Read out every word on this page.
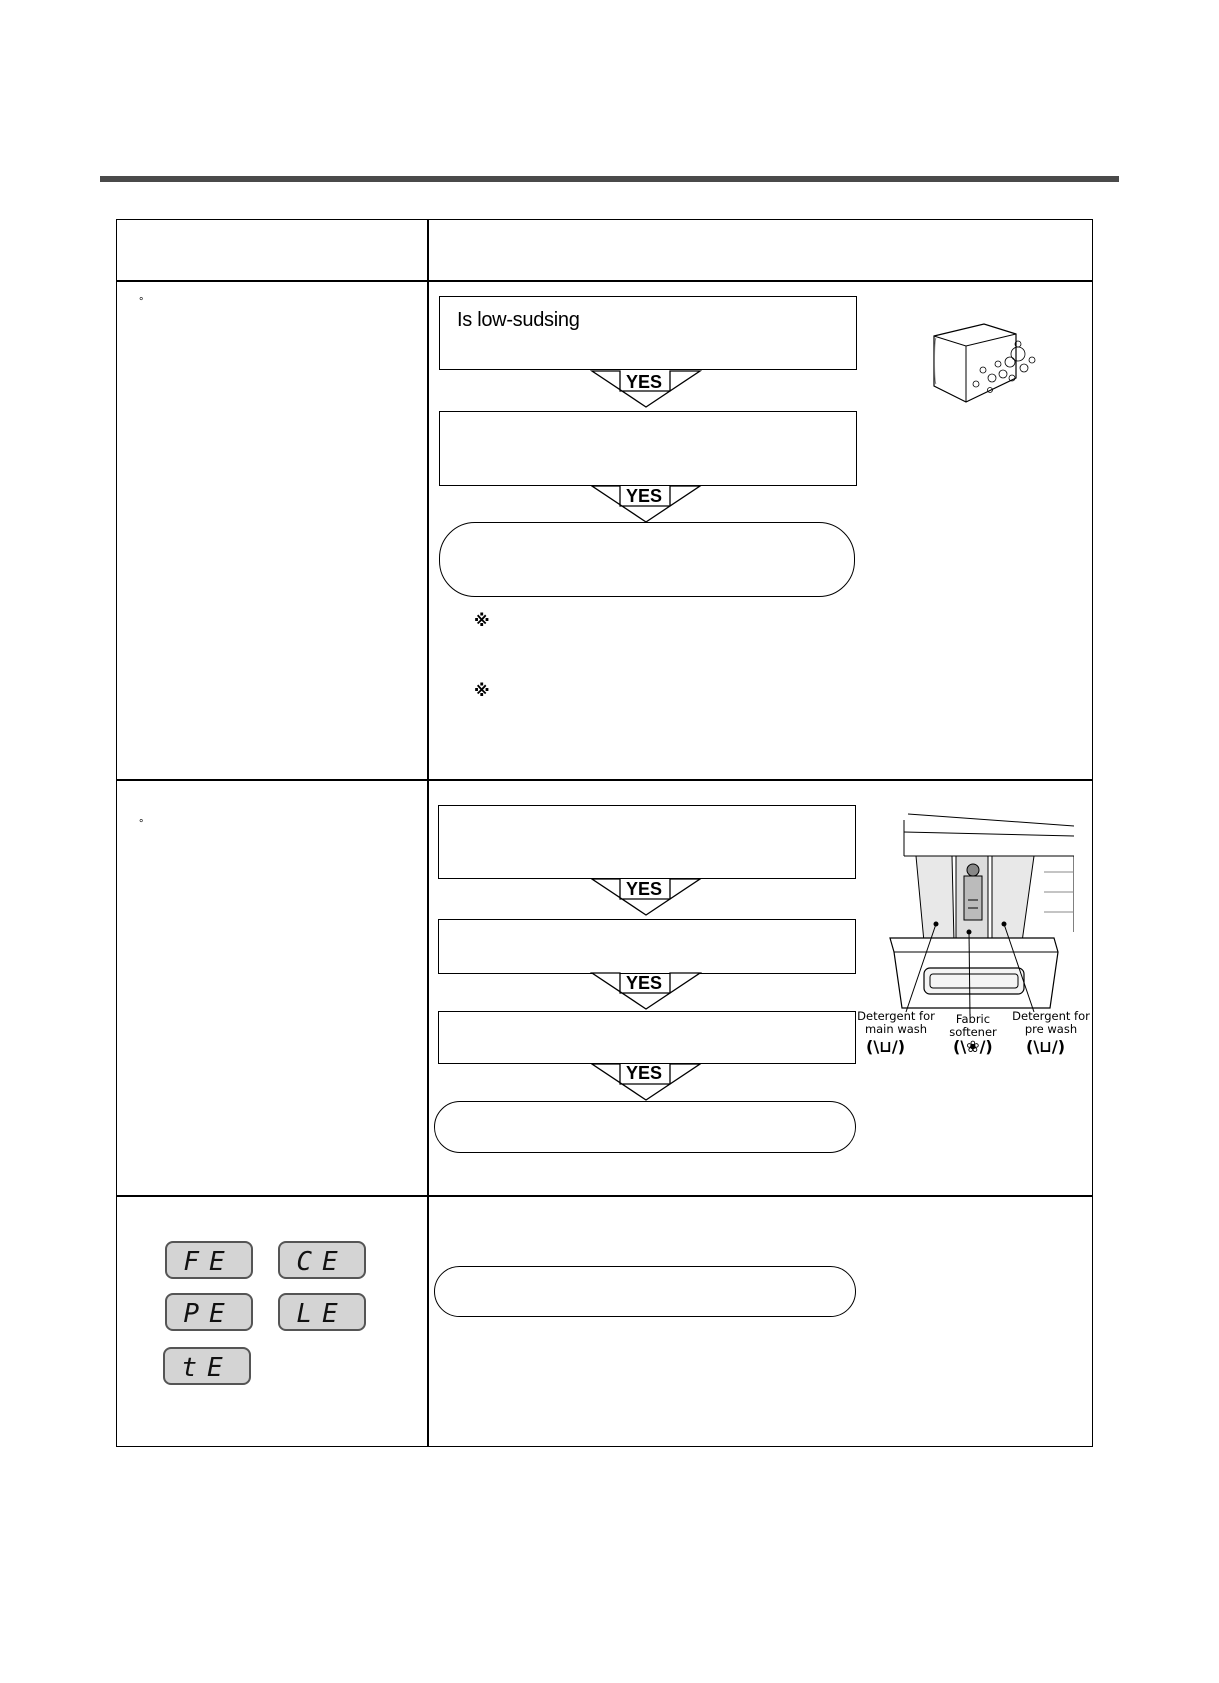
°
Is low-sudsing
YES
YES
※
※
°
YES
YES
YES
Detergent for
main wash
Fabric
softener
Detergent for
pre wash
(\⊔/)	(\❀/) (\⊔/)
FE CE
PE LE
tE
